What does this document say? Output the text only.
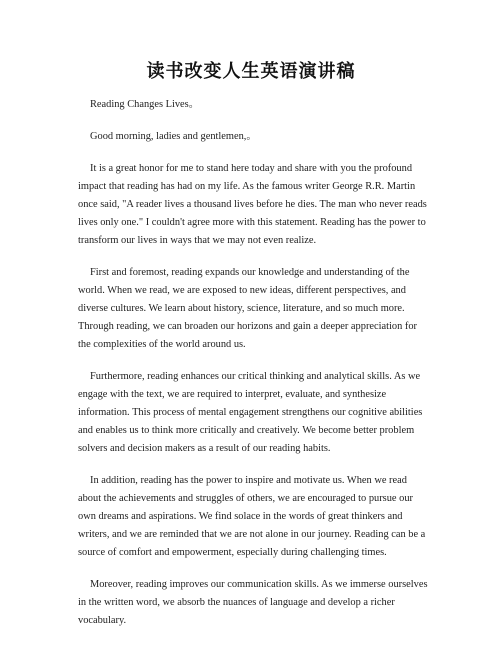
读书改变人生英语演讲稿

Reading Changes Lives。

Good morning, ladies and gentlemen,。

It is a great honor for me to stand here today and share with you the profound impact that reading has had on my life. As the famous writer George R.R. Martin once said, "A reader lives a thousand lives before he dies. The man who never reads lives only one." I couldn't agree more with this statement. Reading has the power to transform our lives in ways that we may not even realize.

First and foremost, reading expands our knowledge and understanding of the world. When we read, we are exposed to new ideas, different perspectives, and diverse cultures. We learn about history, science, literature, and so much more. Through reading, we can broaden our horizons and gain a deeper appreciation for the complexities of the world around us.

Furthermore, reading enhances our critical thinking and analytical skills. As we engage with the text, we are required to interpret, evaluate, and synthesize information. This process of mental engagement strengthens our cognitive abilities and enables us to think more critically and creatively. We become better problem solvers and decision makers as a result of our reading habits.

In addition, reading has the power to inspire and motivate us. When we read about the achievements and struggles of others, we are encouraged to pursue our own dreams and aspirations. We find solace in the words of great thinkers and writers, and we are reminded that we are not alone in our journey. Reading can be a source of comfort and empowerment, especially during challenging times.

Moreover, reading improves our communication skills. As we immerse ourselves in the written word, we absorb the nuances of language and develop a richer vocabulary.
